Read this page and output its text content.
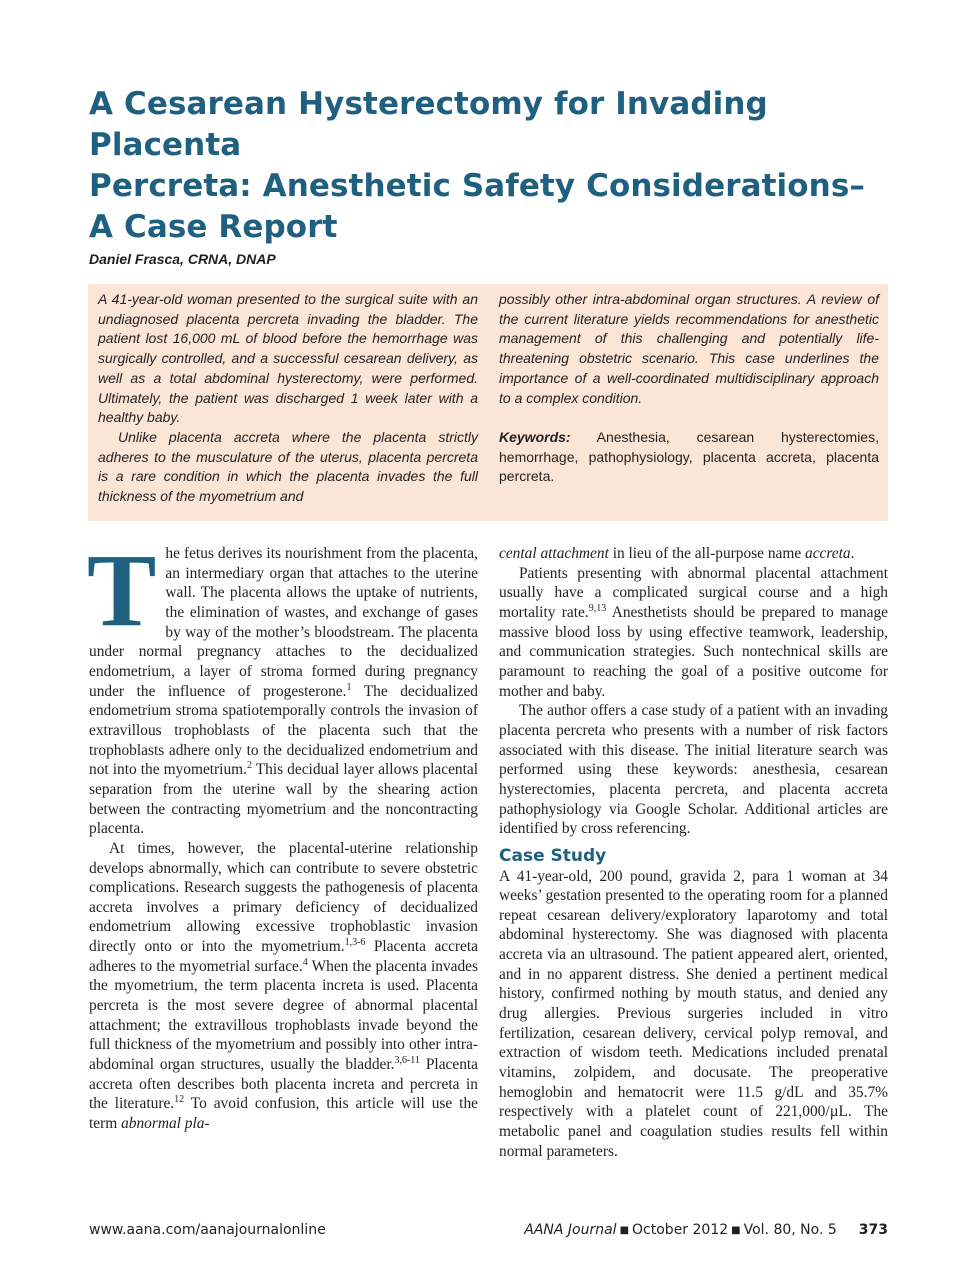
A Cesarean Hysterectomy for Invading Placenta
Percreta: Anesthetic Safety Considerations–
A Case Report
Daniel Frasca, CRNA, DNAP

A 41-year-old woman presented to the surgical suite with an undiagnosed placenta percreta invading the bladder. The patient lost 16,000 mL of blood before the hemorrhage was surgically controlled, and a successful cesarean delivery, as well as a total abdominal hysterectomy, were performed. Ultimately, the patient was discharged 1 week later with a healthy baby.

Unlike placenta accreta where the placenta strictly adheres to the musculature of the uterus, placenta percreta is a rare condition in which the placenta invades the full thickness of the myometrium and

possibly other intra-abdominal organ structures. A review of the current literature yields recommendations for anesthetic management of this challenging and potentially life-threatening obstetric scenario. This case underlines the importance of a well-coordinated multidisciplinary approach to a complex condition.

Keywords: Anesthesia, cesarean hysterectomies, hemorrhage, pathophysiology, placenta accreta, placenta percreta.

The fetus derives its nourishment from the placenta, an intermediary organ that attaches to the uterine wall. The placenta allows the uptake of nutrients, the elimination of wastes, and exchange of gases by way of the mother’s bloodstream. The placenta under normal pregnancy attaches to the decidualized endometrium, a layer of stroma formed during pregnancy under the influence of progesterone.$^1$ The decidualized endometrium stroma spatiotemporally controls the invasion of extravillous trophoblasts of the placenta such that the trophoblasts adhere only to the decidualized endometrium and not into the myometrium.$^2$ This decidual layer allows placental separation from the uterine wall by the shearing action between the contracting myometrium and the noncontracting placenta.

At times, however, the placental-uterine relationship develops abnormally, which can contribute to severe obstetric complications. Research suggests the pathogenesis of placenta accreta involves a primary deficiency of decidualized endometrium allowing excessive trophoblastic invasion directly onto or into the myometrium.$^{1,3-6}$ Placenta accreta adheres to the myometrial surface.$^4$ When the placenta invades the myometrium, the term placenta increta is used. Placenta percreta is the most severe degree of abnormal placental attachment; the extravillous trophoblasts invade beyond the full thickness of the myometrium and possibly into other intra-abdominal organ structures, usually the bladder.$^{3,6-11}$ Placenta accreta often describes both placenta increta and percreta in the literature.$^{12}$ To avoid confusion, this article will use the term abnormal pla-

cental attachment in lieu of the all-purpose name accreta.

Patients presenting with abnormal placental attachment usually have a complicated surgical course and a high mortality rate.$^{9,13}$ Anesthetists should be prepared to manage massive blood loss by using effective teamwork, leadership, and communication strategies. Such nontechnical skills are paramount to reaching the goal of a positive outcome for mother and baby.

The author offers a case study of a patient with an invading placenta percreta who presents with a number of risk factors associated with this disease. The initial literature search was performed using these keywords: anesthesia, cesarean hysterectomies, placenta percreta, and placenta accreta pathophysiology via Google Scholar. Additional articles are identified by cross referencing.

Case Study

A 41-year-old, 200 pound, gravida 2, para 1 woman at 34 weeks’ gestation presented to the operating room for a planned repeat cesarean delivery/exploratory laparotomy and total abdominal hysterectomy. She was diagnosed with placenta accreta via an ultrasound. The patient appeared alert, oriented, and in no apparent distress. She denied a pertinent medical history, confirmed nothing by mouth status, and denied any drug allergies. Previous surgeries included in vitro fertilization, cesarean delivery, cervical polyp removal, and extraction of wisdom teeth. Medications included prenatal vitamins, zolpidem, and docusate. The preoperative hemoglobin and hematocrit were 11.5 g/dL and 35.7% respectively with a platelet count of 221,000/µL. The metabolic panel and coagulation studies results fell within normal parameters.

www.aana.com/aanajournalonline	AANA Journal ■ October 2012 ■ Vol. 80, No. 5 373
